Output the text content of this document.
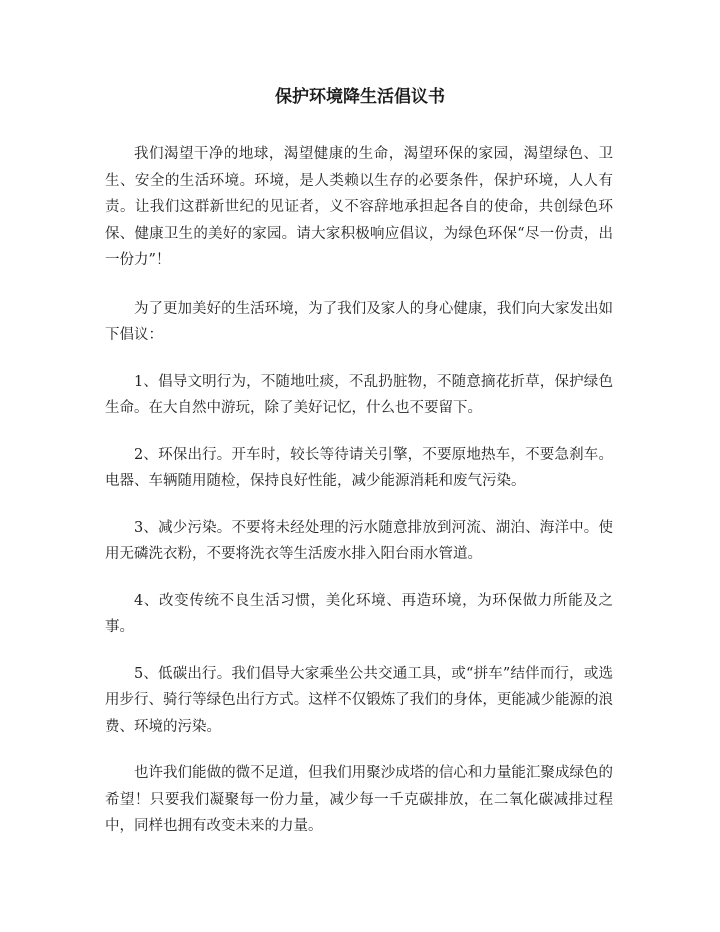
保护环境降生活倡议书

我们渴望干净的地球，渴望健康的生命，渴望环保的家园，渴望绿色、卫生、安全的生活环境。环境，是人类赖以生存的必要条件，保护环境，人人有责。让我们这群新世纪的见证者，义不容辞地承担起各自的使命，共创绿色环保、健康卫生的美好的家园。请大家积极响应倡议，为绿色环保“尽一份责，出一份力”！

为了更加美好的生活环境，为了我们及家人的身心健康，我们向大家发出如下倡议：

1、倡导文明行为，不随地吐痰，不乱扔脏物，不随意摘花折草，保护绿色生命。在大自然中游玩，除了美好记忆，什么也不要留下。

2、环保出行。开车时，较长等待请关引擎，不要原地热车，不要急刹车。电器、车辆随用随检，保持良好性能，减少能源消耗和废气污染。

3、减少污染。不要将未经处理的污水随意排放到河流、湖泊、海洋中。使用无磷洗衣粉，不要将洗衣等生活废水排入阳台雨水管道。

4、改变传统不良生活习惯，美化环境、再造环境，为环保做力所能及之事。

5、低碳出行。我们倡导大家乘坐公共交通工具，或“拼车”结伴而行，或选用步行、骑行等绿色出行方式。这样不仅锻炼了我们的身体，更能减少能源的浪费、环境的污染。

也许我们能做的微不足道，但我们用聚沙成塔的信心和力量能汇聚成绿色的希望！只要我们凝聚每一份力量，减少每一千克碳排放，在二氧化碳减排过程中，同样也拥有改变未来的力量。
